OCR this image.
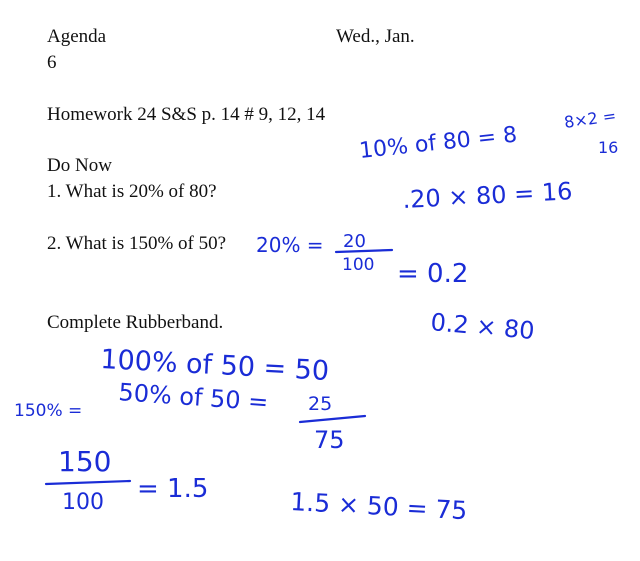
Agenda

6

Wed., Jan.

Homework 24 S&S p. 14 # 9, 12, 14

Do Now

1. What is 20% of 80?

2. What is 150% of 50?

Complete Rubberband.

10% of 80 = 8
8×2 =
16
.20 × 80 = 16
20% = 20
100 = 0.2
0.2 × 80
100% of 50 = 50
50% of 50 = 25
75
150% =
150
100 = 1.5	1.5 × 50 = 75
